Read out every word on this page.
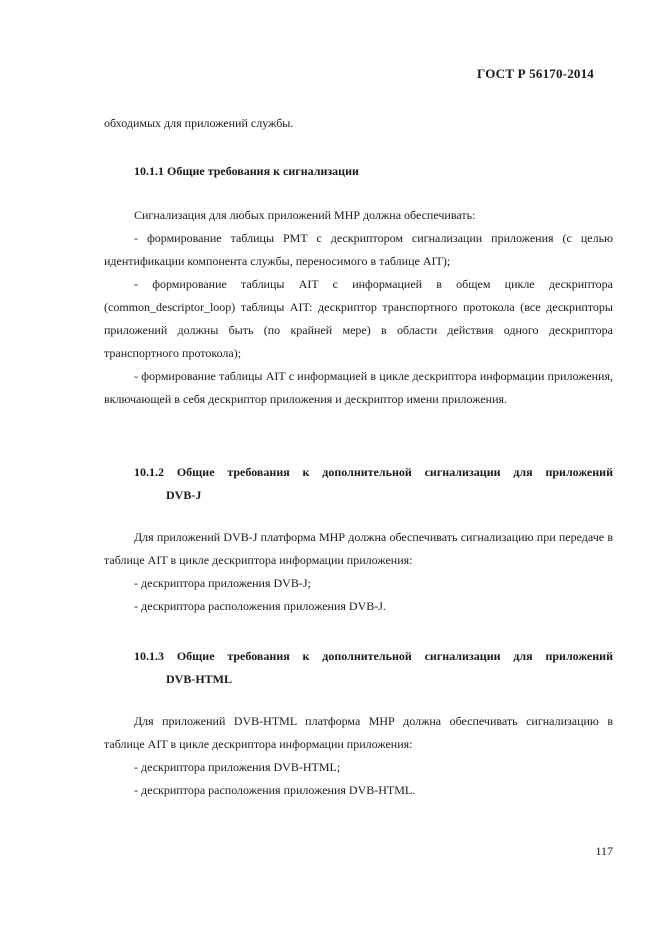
ГОСТ Р 56170-2014

обходимых для приложений службы.

10.1.1 Общие требования к сигнализации

Сигнализация для любых приложений МНР должна обеспечивать:

- формирование таблицы PMT с дескриптором сигнализации приложения (с целью идентификации компонента службы, переносимого в таблице AIT);

- формирование таблицы AIT с информацией в общем цикле дескриптора (common_descriptor_loop) таблицы AIT: дескриптор транспортного протокола (все дескрипторы приложений должны быть (по крайней мере) в области действия одного дескриптора транспортного протокола);

- формирование таблицы AIT с информацией в цикле дескриптора информации приложения, включающей в себя дескриптор приложения и дескриптор имени приложения.

10.1.2 Общие требования к дополнительной сигнализации для приложений
DVB-J

Для приложений DVB-J платформа МНР должна обеспечивать сигнализацию при передаче в таблице AIT в цикле дескриптора информации приложения:

- дескриптора приложения DVB-J;

- дескриптора расположения приложения DVB-J.

10.1.3 Общие требования к дополнительной сигнализации для приложений
DVB-HTML

Для приложений DVB-HTML платформа МНР должна обеспечивать сигнализацию в таблице AIT в цикле дескриптора информации приложения:

- дескриптора приложения DVB-HTML;

- дескриптора расположения приложения DVB-HTML.

117
